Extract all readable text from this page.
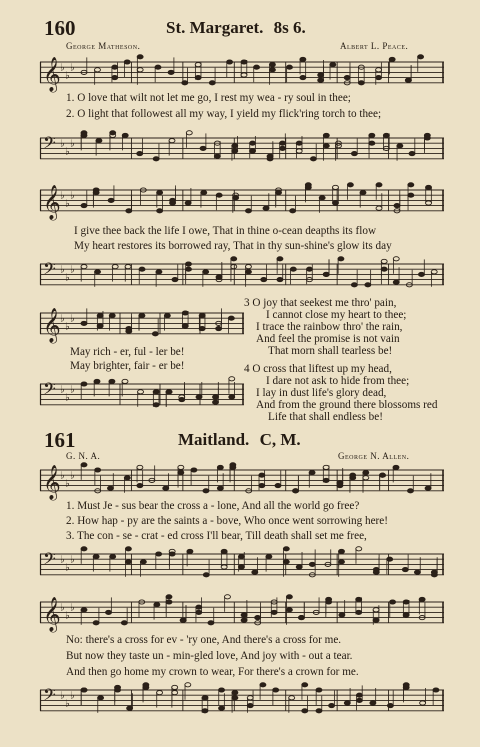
160	St. Margaret. 8s 6.
George Matheson.	Albert L. Peace.
𝄞 ♭
♭
♭
1. O love that wilt not let me go, I rest my wea - ry soul in thee;
2. O light that followest all my way, I yield my flick'ring torch to thee;
𝄢 ♭
♭
♭
𝄞 ♭
♭
♭
I give thee back the life I owe, That in thine o-cean deapths its flow
My heart restores its borrowed ray, That in thy sun-shine's glow its day
𝄢 ♭
♭
♭
𝄞 ♭
♭
♭
May rich - er, ful - ler be!
May brighter, fair - er be!
𝄢 ♭
♭
♭
3 O joy that seekest me thro' pain,
I cannot close my heart to thee;
I trace the rainbow thro' the rain,
And feel the promise is not vain
That morn shall tearless be!
4 O cross that liftest up my head,
I dare not ask to hide from thee;
I lay in dust life's glory dead,
And from the ground there blossoms red
Life that shall endless be!
161	Maitland. C, M.
G. N. A.	George N. Allen.
𝄞 ♭
♭
♭
1. Must Je - sus bear the cross a - lone, And all the world go free?
2. How hap - py are the saints a - bove, Who once went sorrowing here!
3. The con - se - crat - ed cross I'll bear, Till death shall set me free,
𝄢 ♭
♭
♭
𝄞 ♭
♭
♭
No: there's a cross for ev - 'ry one, And there's a cross for me.
But now they taste un - min-gled love, And joy with - out a tear.
And then go home my crown to wear, For there's a crown for me.
𝄢 ♭
♭
♭
